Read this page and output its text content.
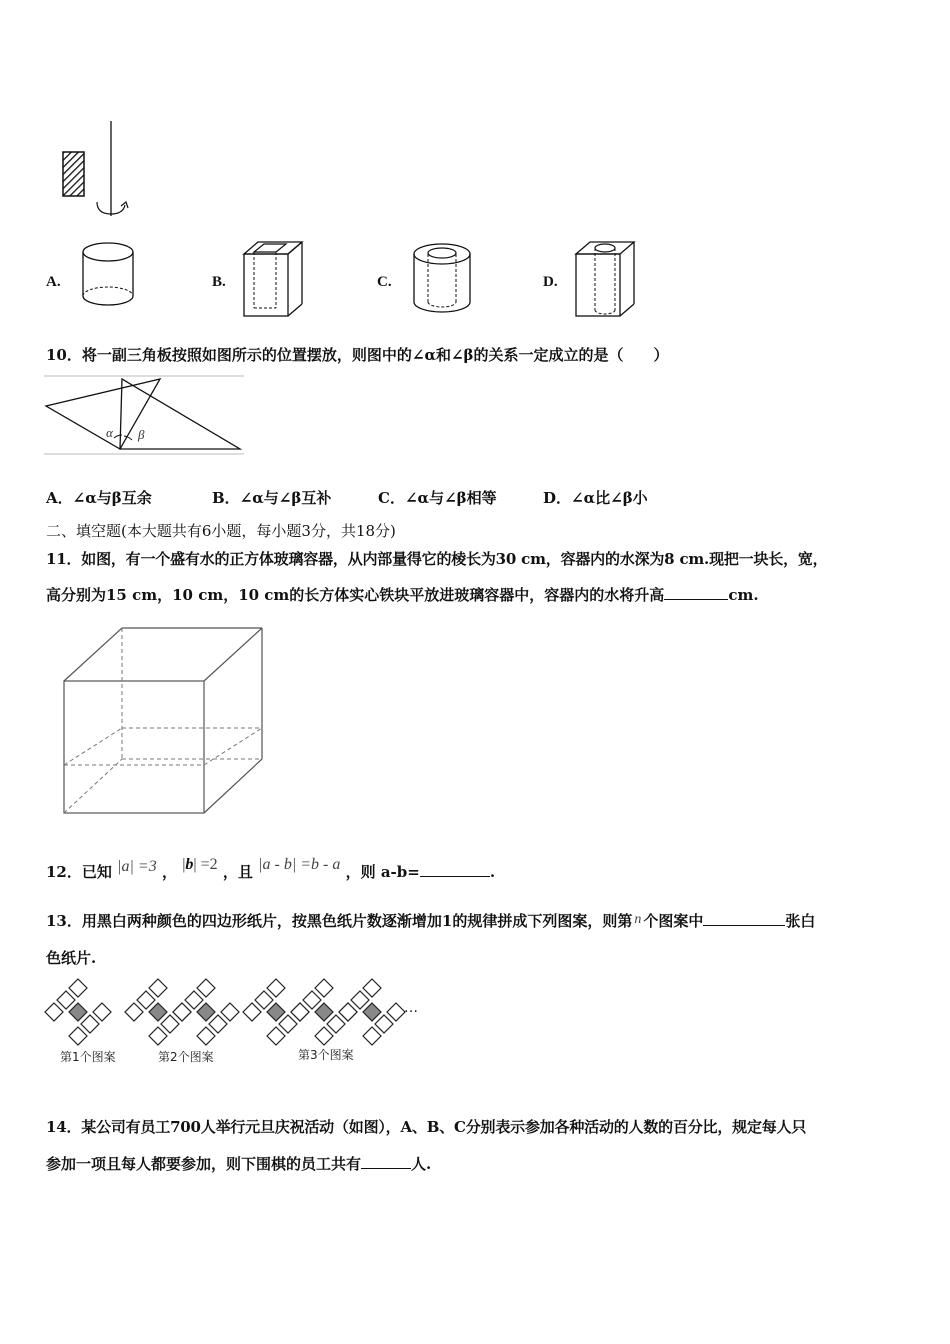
A.	B.	C.	D.
10．将一副三角板按照如图所示的位置摆放，则图中的∠α和∠β的关系一定成立的是（　　）
α β
A．∠α与β互余	B．∠α与∠β互补	C．∠α与∠β相等	D．∠α比∠β小
二、填空题(本大题共有6小题，每小题3分，共18分)
11．如图，有一个盛有水的正方体玻璃容器，从内部量得它的棱长为30 cm，容器内的水深为8 cm.现把一块长，宽，
高分别为15 cm，10 cm，10 cm的长方体实心铁块平放进玻璃容器中，容器内的水将升高	cm.
12．已知 |a| =3 ， |b| =2 ，且 |a - b| =b - a ，则 a-b=	.
13．用黑白两种颜色的四边形纸片，按黑色纸片数逐渐增加1的规律拼成下列图案，则第 n 个图案中	张白
色纸片.
第1个图案	第2个图案	第3个图案
…
14．某公司有员工700人举行元旦庆祝活动（如图），A、B、C分别表示参加各种活动的人数的百分比，规定每人只
参加一项且每人都要参加，则下围棋的员工共有	人.
